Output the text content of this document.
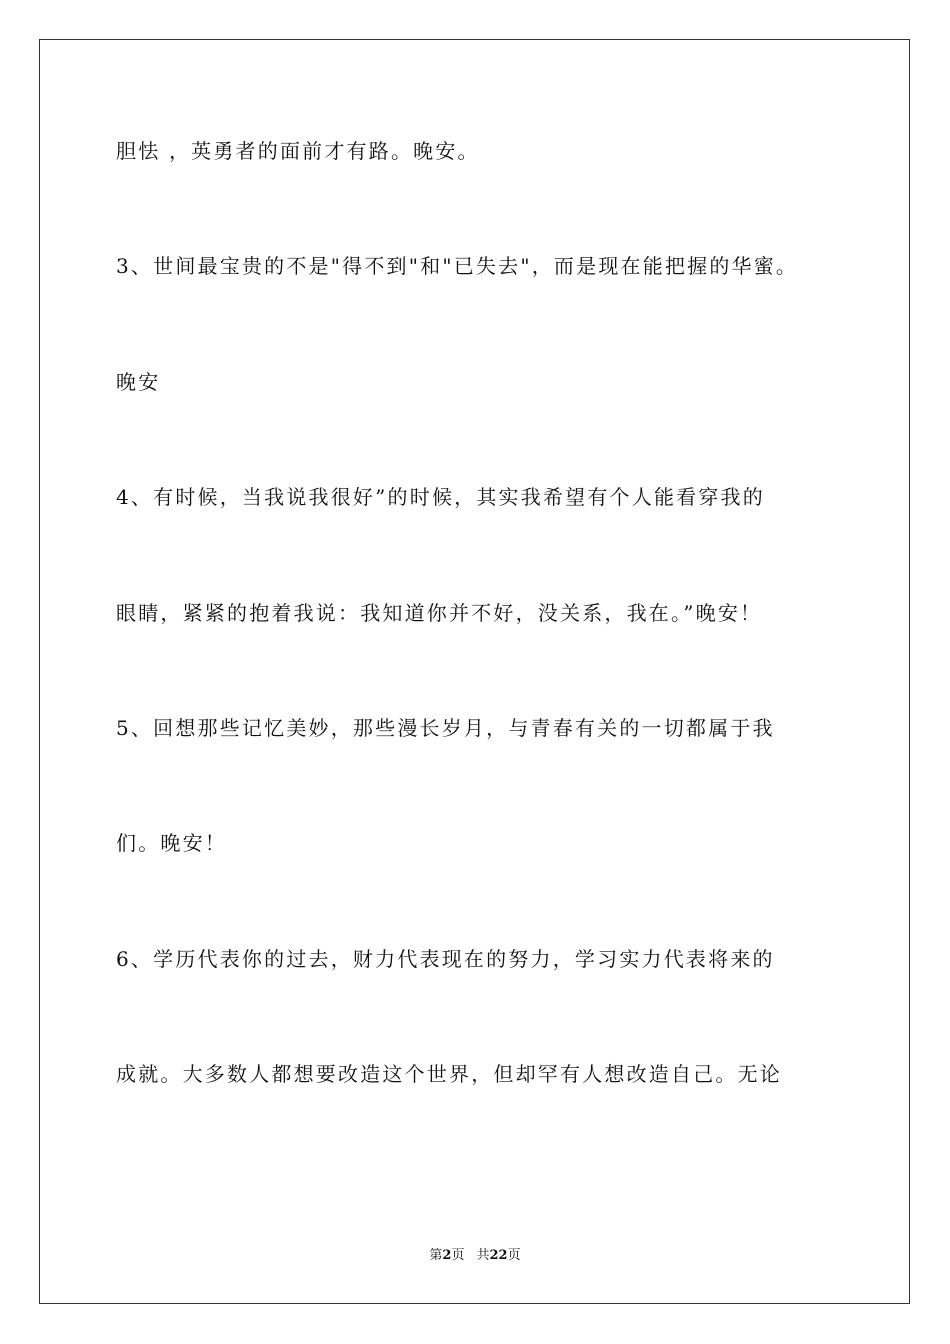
胆怯 ，英勇者的面前才有路。晚安。
3、世间最宝贵的不是"得不到"和"已失去"，而是现在能把握的华蜜。
晚安
4、有时候，当我说我很好”的时候，其实我希望有个人能看穿我的
眼睛，紧紧的抱着我说：我知道你并不好，没关系，我在。”晚安！
5、回想那些记忆美妙，那些漫长岁月，与青春有关的一切都属于我
们。晚安！
6、学历代表你的过去，财力代表现在的努力，学习实力代表将来的
成就。大多数人都想要改造这个世界，但却罕有人想改造自己。无论
第2页 共22页
